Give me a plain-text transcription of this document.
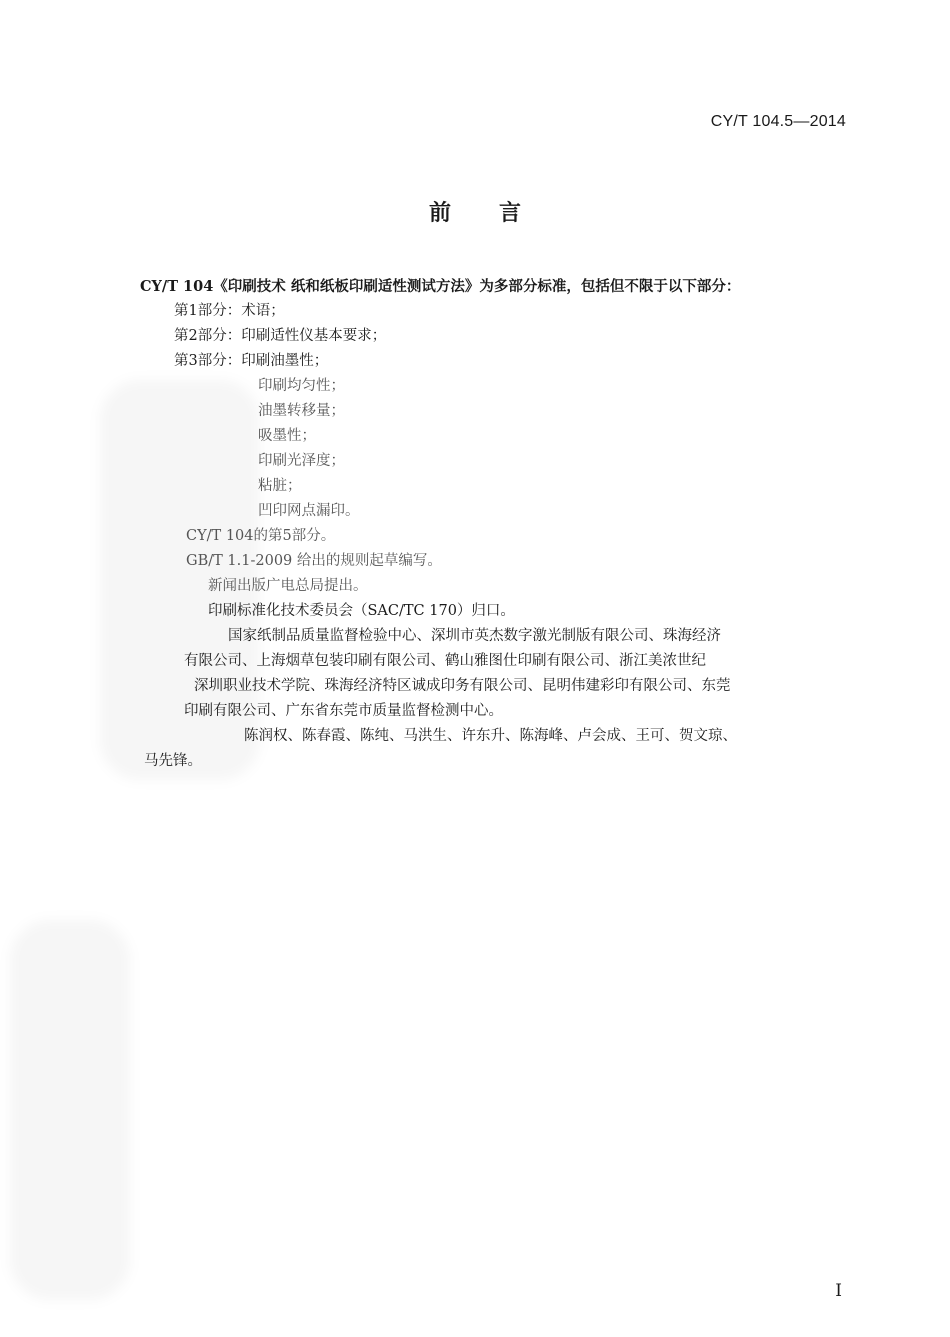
CY/T 104.5—2014
前言

CY/T 104《印刷技术 纸和纸板印刷适性测试方法》为多部分标准，包括但不限于以下部分：

第1部分：术语；

第2部分：印刷适性仪基本要求；

第3部分：印刷油墨性；

印刷均匀性；

油墨转移量；

吸墨性；

印刷光泽度；

粘脏；

凹印网点漏印。

CY/T 104的第5部分。

GB/T 1.1-2009 给出的规则起草编写。

新闻出版广电总局提出。

印刷标准化技术委员会（SAC/TC 170）归口。

国家纸制品质量监督检验中心、深圳市英杰数字激光制版有限公司、珠海经济

有限公司、上海烟草包装印刷有限公司、鹤山雅图仕印刷有限公司、浙江美浓世纪

深圳职业技术学院、珠海经济特区诚成印务有限公司、昆明伟建彩印有限公司、东莞

印刷有限公司、广东省东莞市质量监督检测中心。

陈润权、陈春霞、陈纯、马洪生、许东升、陈海峰、卢会成、王可、贺文琼、

马先锋。

I
